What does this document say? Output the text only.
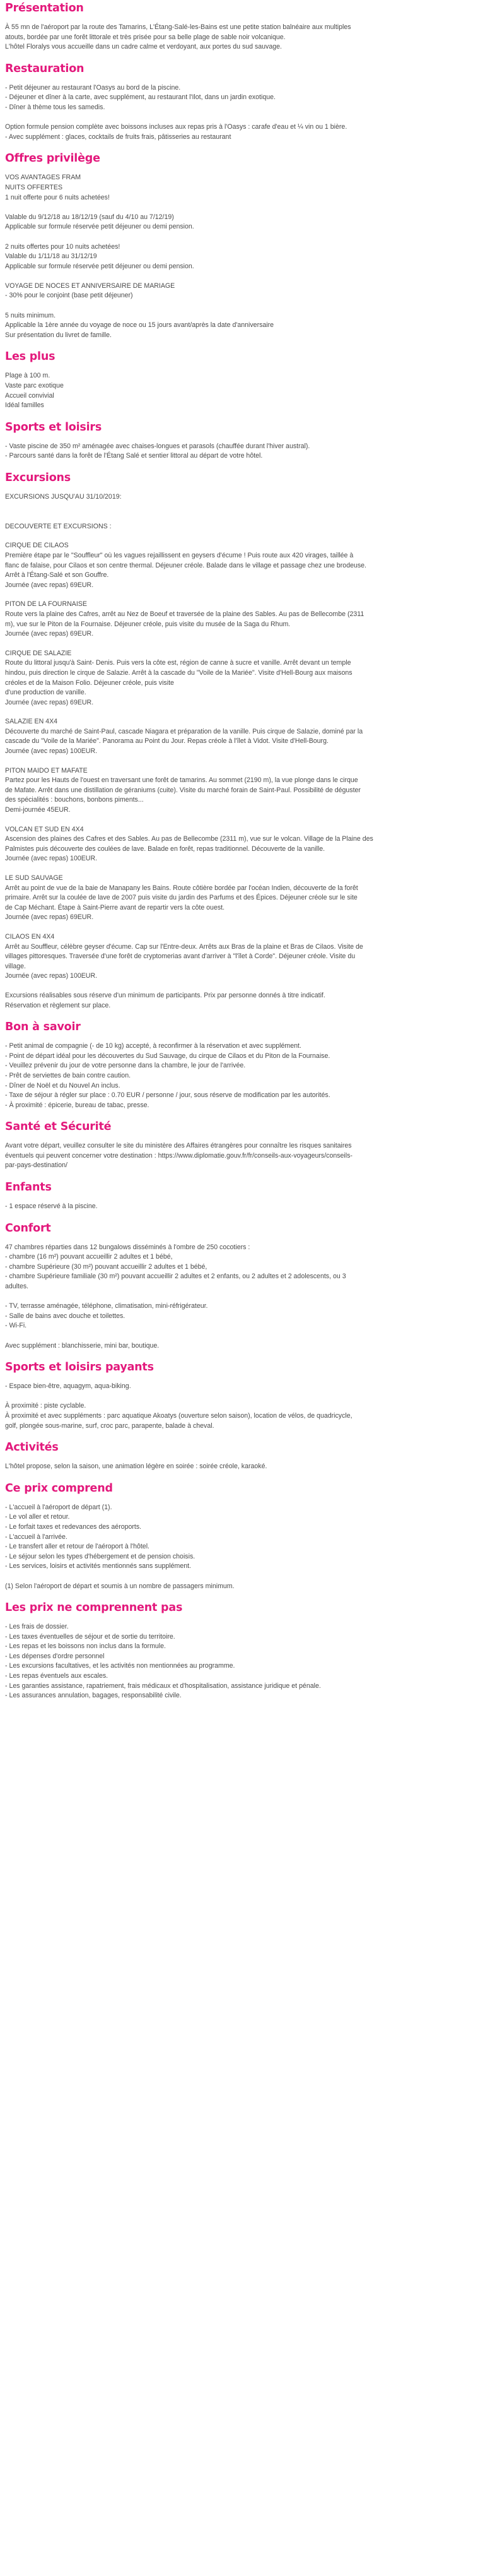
Présentation
À 55 mn de l'aéroport par la route des Tamarins, L'Étang-Salé-les-Bains est une petite station balnéaire aux multiples
atouts, bordée par une forêt littorale et très prisée pour sa belle plage de sable noir volcanique.
L'hôtel Floralys vous accueille dans un cadre calme et verdoyant, aux portes du sud sauvage.
Restauration
- Petit déjeuner au restaurant l'Oasys au bord de la piscine.
- Déjeuner et dîner à la carte, avec supplément, au restaurant l'Ilot, dans un jardin exotique.
- Dîner à thème tous les samedis.
Option formule pension complète avec boissons incluses aux repas pris à l'Oasys : carafe d'eau et ¼ vin ou 1 bière.
- Avec supplément : glaces, cocktails de fruits frais, pâtisseries au restaurant
Offres privilège
VOS AVANTAGES FRAM
NUITS OFFERTES
1 nuit offerte pour 6 nuits achetées!
Valable du 9/12/18 au 18/12/19 (sauf du 4/10 au 7/12/19)
Applicable sur formule réservée petit déjeuner ou demi pension.
2 nuits offertes pour 10 nuits achetées!
Valable du 1/11/18 au 31/12/19
Applicable sur formule réservée petit déjeuner ou demi pension.
VOYAGE DE NOCES ET ANNIVERSAIRE DE MARIAGE
- 30% pour le conjoint (base petit déjeuner)
5 nuits minimum.
Applicable la 1ère année du voyage de noce ou 15 jours avant/après la date d'anniversaire
Sur présentation du livret de famille.
Les plus
Plage à 100 m.
Vaste parc exotique
Accueil convivial
Idéal familles
Sports et loisirs
- Vaste piscine de 350 m² aménagée avec chaises-longues et parasols (chauffée durant l'hiver austral).
- Parcours santé dans la forêt de l'Étang Salé et sentier littoral au départ de votre hôtel.
Excursions
EXCURSIONS JUSQU'AU 31/10/2019:
DECOUVERTE ET EXCURSIONS :
CIRQUE DE CILAOS
Première étape par le "Souffleur" où les vagues rejaillissent en geysers d'écume ! Puis route aux 420 virages, taillée à
flanc de falaise, pour Cilaos et son centre thermal. Déjeuner créole. Balade dans le village et passage chez une brodeuse.
Arrêt à l'Étang-Salé et son Gouffre.
Journée (avec repas) 69EUR.
PITON DE LA FOURNAISE
Route vers la plaine des Cafres, arrêt au Nez de Boeuf et traversée de la plaine des Sables. Au pas de Bellecombe (2311
m), vue sur le Piton de la Fournaise. Déjeuner créole, puis visite du musée de la Saga du Rhum.
Journée (avec repas) 69EUR.
CIRQUE DE SALAZIE
Route du littoral jusqu'à Saint- Denis. Puis vers la côte est, région de canne à sucre et vanille. Arrêt devant un temple
hindou, puis direction le cirque de Salazie. Arrêt à la cascade du "Voile de la Mariée". Visite d'Hell-Bourg aux maisons
créoles et de la Maison Folio. Déjeuner créole, puis visite
d'une production de vanille.
Journée (avec repas) 69EUR.
SALAZIE EN 4X4
Découverte du marché de Saint-Paul, cascade Niagara et préparation de la vanille. Puis cirque de Salazie, dominé par la
cascade du "Voile de la Mariée". Panorama au Point du Jour. Repas créole à l'îlet à Vidot. Visite d'Hell-Bourg.
Journée (avec repas) 100EUR.
PITON MAIDO ET MAFATE
Partez pour les Hauts de l'ouest en traversant une forêt de tamarins. Au sommet (2190 m), la vue plonge dans le cirque
de Mafate. Arrêt dans une distillation de géraniums (cuite). Visite du marché forain de Saint-Paul. Possibilité de déguster
des spécialités : bouchons, bonbons piments...
Demi-journée 45EUR.
VOLCAN ET SUD EN 4X4
Ascension des plaines des Cafres et des Sables. Au pas de Bellecombe (2311 m), vue sur le volcan. Village de la Plaine des
Palmistes puis découverte des coulées de lave. Balade en forêt, repas traditionnel. Découverte de la vanille.
Journée (avec repas) 100EUR.
LE SUD SAUVAGE
Arrêt au point de vue de la baie de Manapany les Bains. Route côtière bordée par l'océan Indien, découverte de la forêt
primaire. Arrêt sur la coulée de lave de 2007 puis visite du jardin des Parfums et des Épices. Déjeuner créole sur le site
de Cap Méchant. Étape à Saint-Pierre avant de repartir vers la côte ouest.
Journée (avec repas) 69EUR.
CILAOS EN 4X4
Arrêt au Souffleur, célèbre geyser d'écume. Cap sur l'Entre-deux. Arrêts aux Bras de la plaine et Bras de Cilaos. Visite de
villages pittoresques. Traversée d'une forêt de cryptomerias avant d'arriver à "l'îlet à Corde". Déjeuner créole. Visite du
village.
Journée (avec repas) 100EUR.
Excursions réalisables sous réserve d'un minimum de participants. Prix par personne donnés à titre indicatif.
Réservation et règlement sur place.
Bon à savoir
- Petit animal de compagnie (- de 10 kg) accepté, à reconfirmer à la réservation et avec supplément.
- Point de départ idéal pour les découvertes du Sud Sauvage, du cirque de Cilaos et du Piton de la Fournaise.
- Veuillez prévenir du jour de votre personne dans la chambre, le jour de l'arrivée.
- Prêt de serviettes de bain contre caution.
- Dîner de Noël et du Nouvel An inclus.
- Taxe de séjour à régler sur place : 0.70 EUR / personne / jour, sous réserve de modification par les autorités.
- À proximité : épicerie, bureau de tabac, presse.
Santé et Sécurité
Avant votre départ, veuillez consulter le site du ministère des Affaires étrangères pour connaître les risques sanitaires
éventuels qui peuvent concerner votre destination : https://www.diplomatie.gouv.fr/fr/conseils-aux-voyageurs/conseils-
par-pays-destination/
Enfants
- 1 espace réservé à la piscine.
Confort
47 chambres réparties dans 12 bungalows disséminés à l'ombre de 250 cocotiers :
- chambre (16 m²) pouvant accueillir 2 adultes et 1 bébé,
- chambre Supérieure (30 m²) pouvant accueillir 2 adultes et 1 bébé,
- chambre Supérieure familiale (30 m²) pouvant accueillir 2 adultes et 2 enfants, ou 2 adultes et 2 adolescents, ou 3
adultes.
- TV, terrasse aménagée, téléphone, climatisation, mini-réfrigérateur.
- Salle de bains avec douche et toilettes.
- Wi-Fi.
Avec supplément : blanchisserie, mini bar, boutique.
Sports et loisirs payants
- Espace bien-être, aquagym, aqua-biking.
À proximité : piste cyclable.
À proximité et avec suppléments : parc aquatique Akoatys (ouverture selon saison), location de vélos, de quadricycle,
golf, plongée sous-marine, surf, croc parc, parapente, balade à cheval.
Activités
L'hôtel propose, selon la saison, une animation légère en soirée : soirée créole, karaoké.
Ce prix comprend
- L'accueil à l'aéroport de départ (1).
- Le vol aller et retour.
- Le forfait taxes et redevances des aéroports.
- L'accueil à l'arrivée.
- Le transfert aller et retour de l'aéroport à l'hôtel.
- Le séjour selon les types d'hébergement et de pension choisis.
- Les services, loisirs et activités mentionnés sans supplément.
(1) Selon l'aéroport de départ et soumis à un nombre de passagers minimum.
Les prix ne comprennent pas
- Les frais de dossier.
- Les taxes éventuelles de séjour et de sortie du territoire.
- Les repas et les boissons non inclus dans la formule.
- Les dépenses d'ordre personnel
- Les excursions facultatives, et les activités non mentionnées au programme.
- Les repas éventuels aux escales.
- Les garanties assistance, rapatriement, frais médicaux et d'hospitalisation, assistance juridique et pénale.
- Les assurances annulation, bagages, responsabilité civile.
